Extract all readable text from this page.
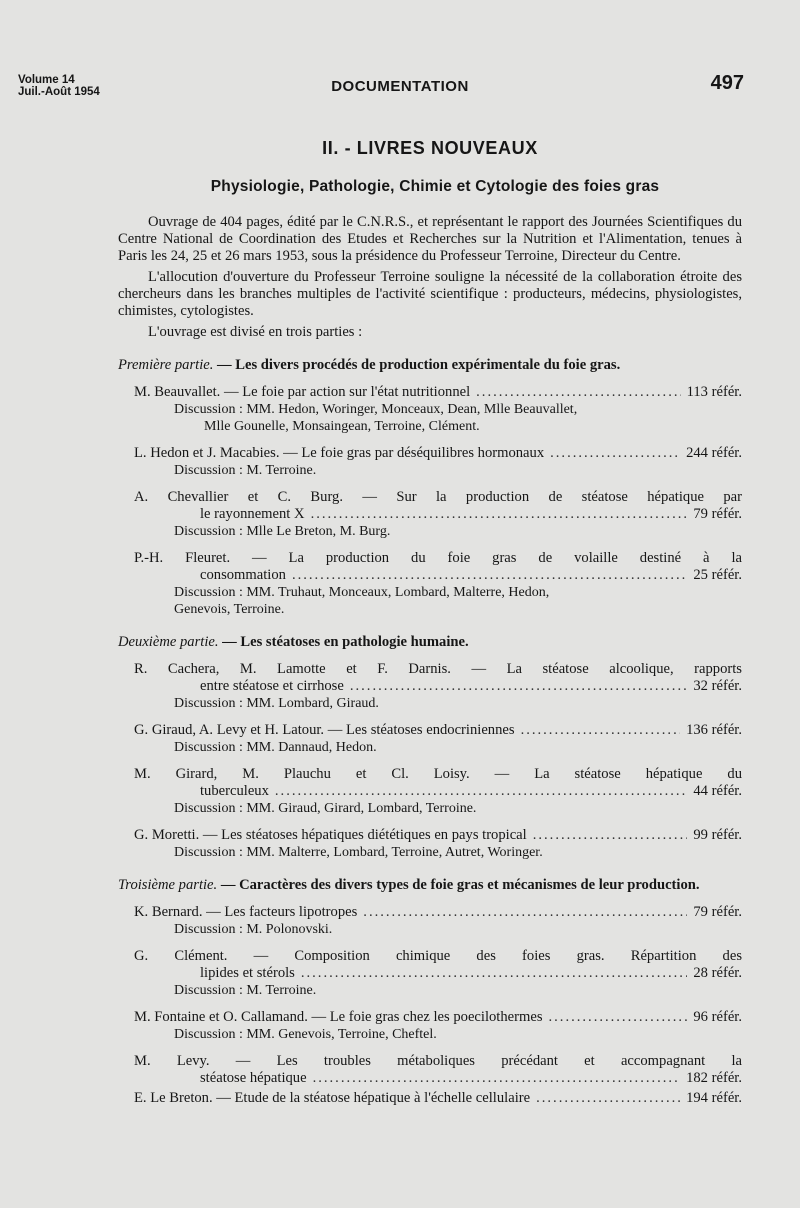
Volume 14
Juil.-Août 1954	DOCUMENTATION	497
II. - LIVRES NOUVEAUX
Physiologie, Pathologie, Chimie et Cytologie des foies gras

Ouvrage de 404 pages, édité par le C.N.R.S., et représentant le rapport des Journées Scientifiques du Centre National de Coordination des Etudes et Recherches sur la Nutrition et l'Alimentation, tenues à Paris les 24, 25 et 26 mars 1953, sous la présidence du Professeur Terroine, Directeur du Centre.

L'allocution d'ouverture du Professeur Terroine souligne la nécessité de la collaboration étroite des chercheurs dans les branches multiples de l'activité scientifique : producteurs, médecins, physiologistes, chimistes, cytologistes.

L'ouvrage est divisé en trois parties :

Première partie. — Les divers procédés de production expérimentale du foie gras.
M. Beauvallet. — Le foie par action sur l'état nutritionnel .....	113 référ.
Discussion : MM. Hedon, Woringer, Monceaux, Dean, Mlle Beauvallet,
Mlle Gounelle, Monsaingean, Terroine, Clément.
L. Hedon et J. Macabies. — Le foie gras par déséquilibres hormonaux .....	244 référ.
Discussion : M. Terroine.
A. Chevallier et C. Burg. — Sur la production de stéatose hépatique par
le rayonnement X .....	79 référ.
Discussion : Mlle Le Breton, M. Burg.
P.-H. Fleuret. — La production du foie gras de volaille destiné à la
consommation .....	25 référ.
Discussion : MM. Truhaut, Monceaux, Lombard, Malterre, Hedon,
Genevois, Terroine.
Deuxième partie. — Les stéatoses en pathologie humaine.
R. Cachera, M. Lamotte et F. Darnis. — La stéatose alcoolique, rapports
entre stéatose et cirrhose .....	32 référ.
Discussion : MM. Lombard, Giraud.
G. Giraud, A. Levy et H. Latour. — Les stéatoses endocriniennes .....	136 référ.
Discussion : MM. Dannaud, Hedon.
M. Girard, M. Plauchu et Cl. Loisy. — La stéatose hépatique du
tuberculeux .....	44 référ.
Discussion : MM. Giraud, Girard, Lombard, Terroine.
G. Moretti. — Les stéatoses hépatiques diététiques en pays tropical .....	99 référ.
Discussion : MM. Malterre, Lombard, Terroine, Autret, Woringer.
Troisième partie. — Caractères des divers types de foie gras et mécanismes de leur production.
K. Bernard. — Les facteurs lipotropes .....	79 référ.
Discussion : M. Polonovski.
G. Clément. — Composition chimique des foies gras. Répartition des
lipides et stérols .....	28 référ.
Discussion : M. Terroine.
M. Fontaine et O. Callamand. — Le foie gras chez les poecilothermes .....	96 référ.
Discussion : MM. Genevois, Terroine, Cheftel.
M. Levy. — Les troubles métaboliques précédant et accompagnant la
stéatose hépatique .....	182 référ.
E. Le Breton. — Etude de la stéatose hépatique à l'échelle cellulaire .....	194 référ.
